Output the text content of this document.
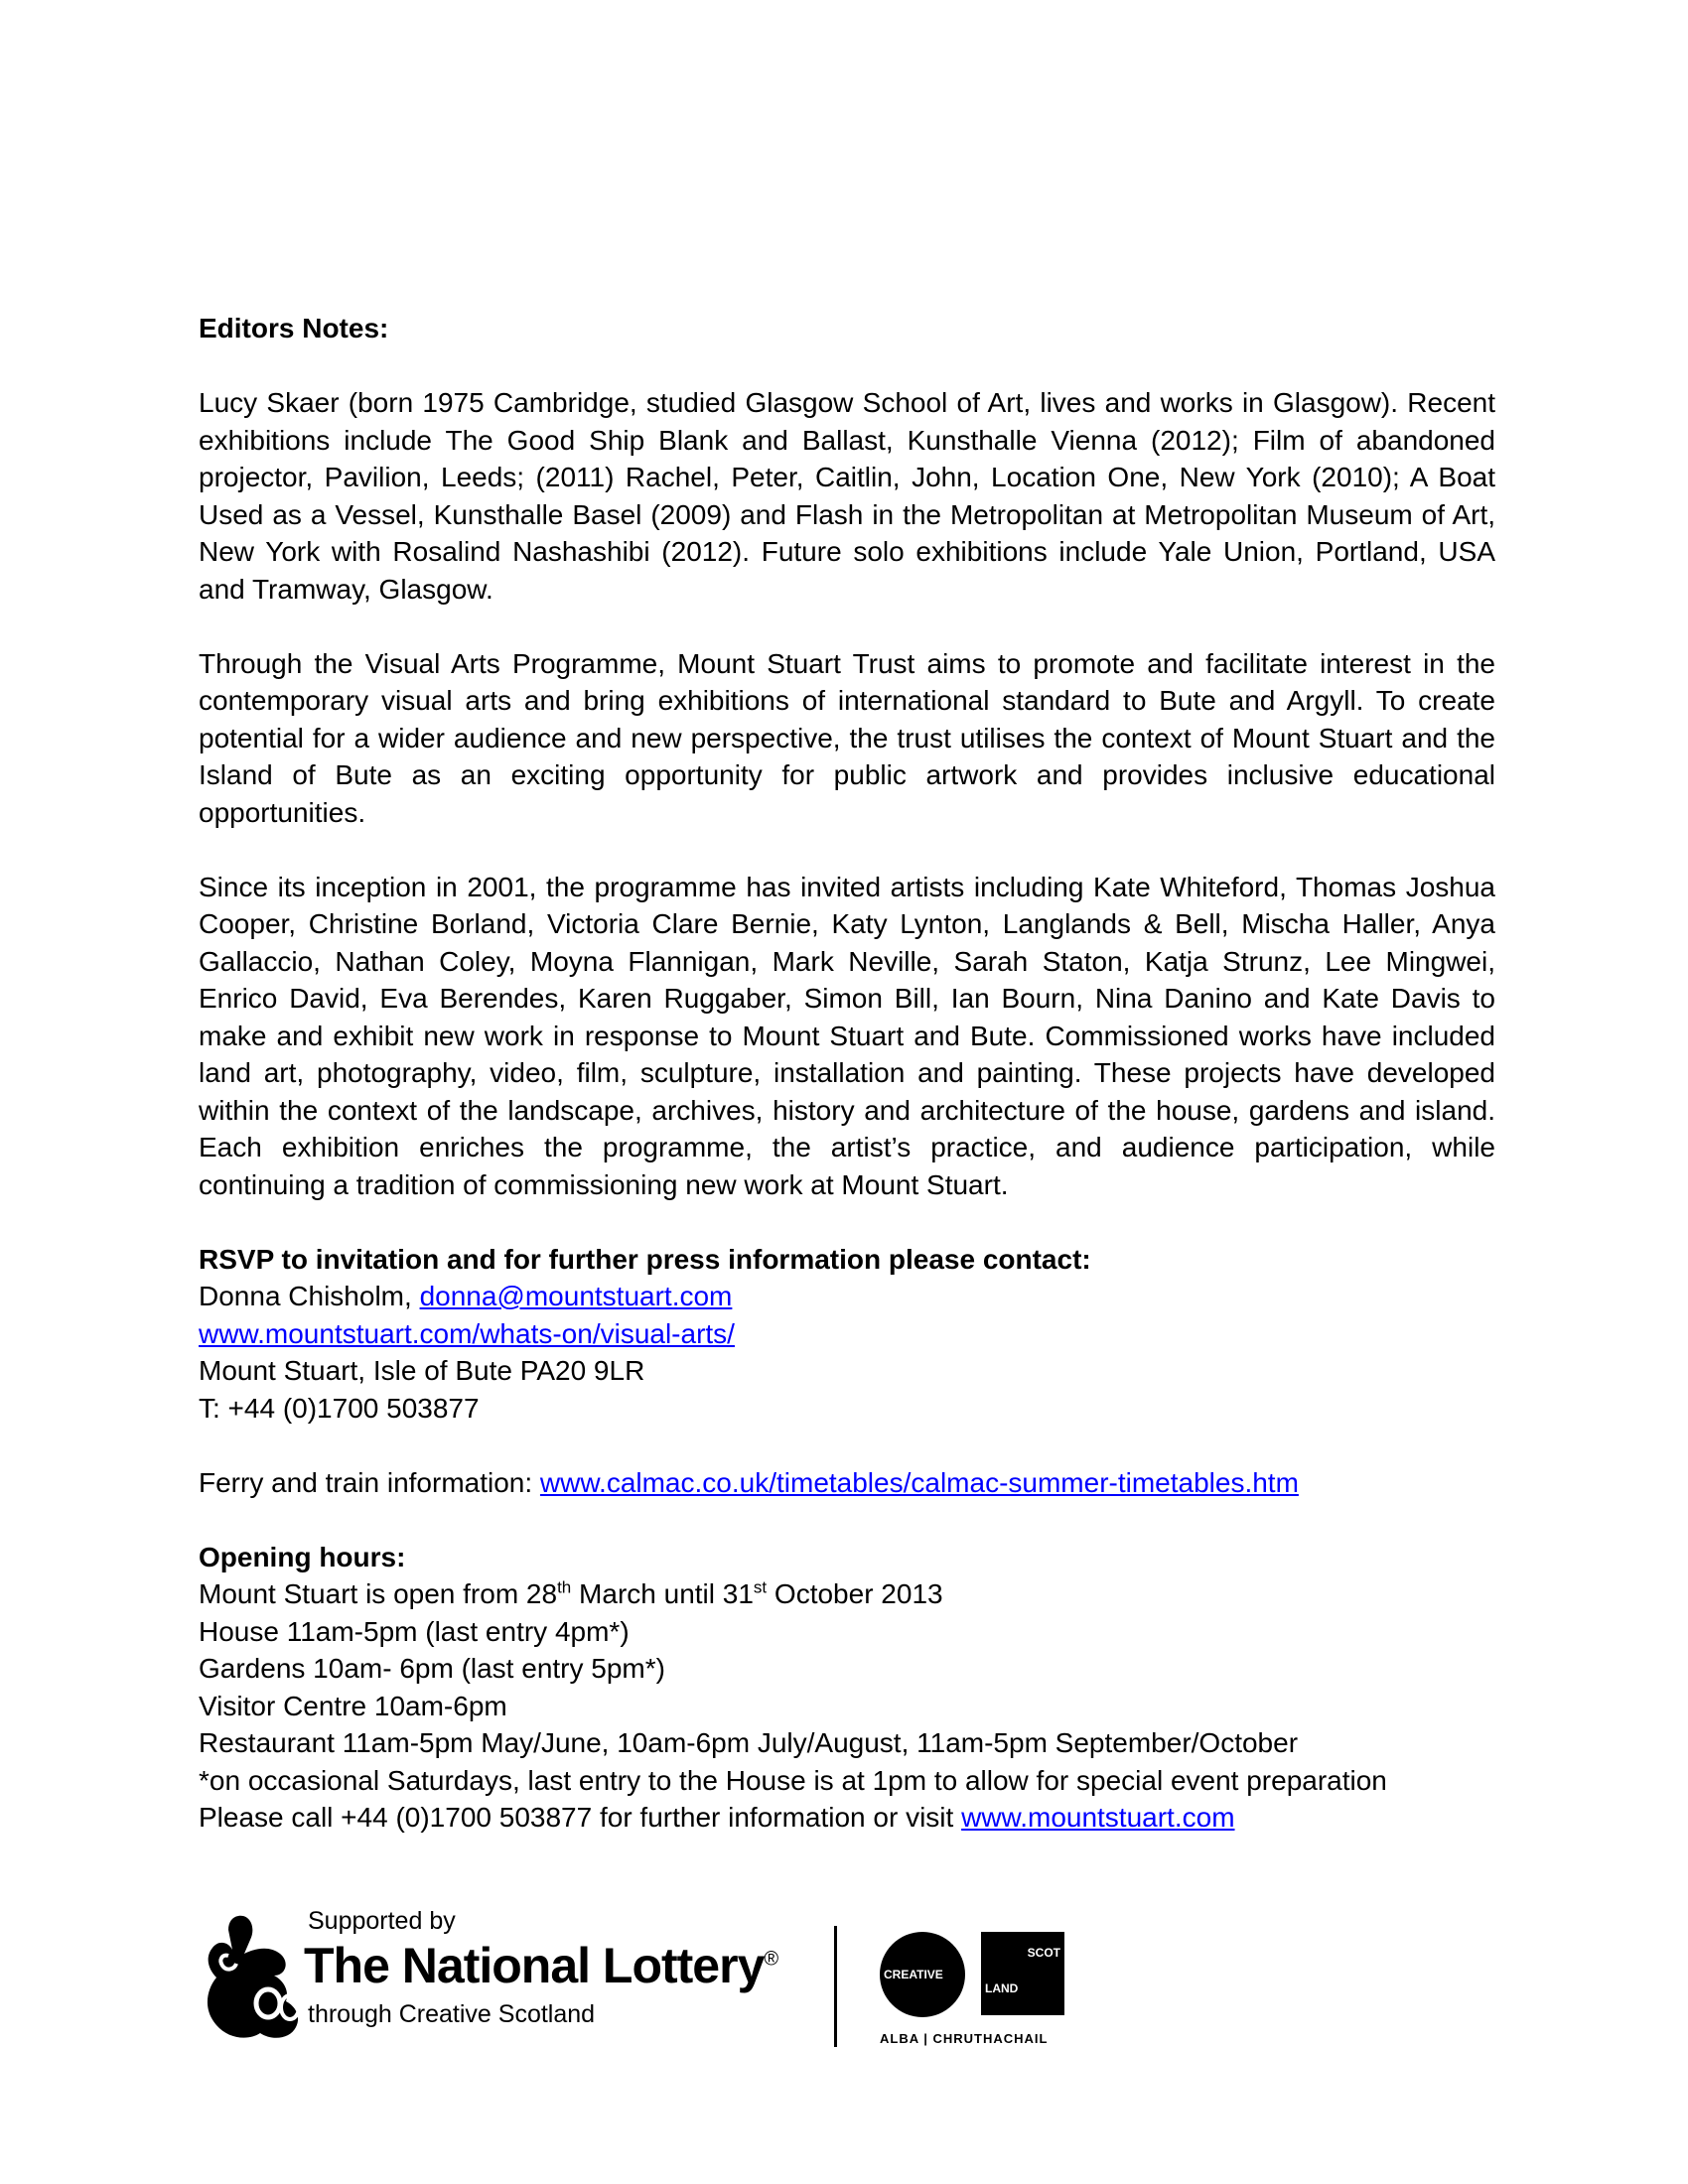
Editors Notes:

Lucy Skaer (born 1975 Cambridge, studied Glasgow School of Art, lives and works in Glasgow). Recent exhibitions include The Good Ship Blank and Ballast, Kunsthalle Vienna (2012); Film of abandoned projector, Pavilion, Leeds; (2011) Rachel, Peter, Caitlin, John, Location One, New York (2010); A Boat Used as a Vessel, Kunsthalle Basel (2009) and Flash in the Metropolitan at Metropolitan Museum of Art, New York with Rosalind Nashashibi (2012). Future solo exhibitions include Yale Union, Portland, USA and Tramway, Glasgow.

Through the Visual Arts Programme, Mount Stuart Trust aims to promote and facilitate interest in the contemporary visual arts and bring exhibitions of international standard to Bute and Argyll. To create potential for a wider audience and new perspective, the trust utilises the context of Mount Stuart and the Island of Bute as an exciting opportunity for public artwork and provides inclusive educational opportunities.

Since its inception in 2001, the programme has invited artists including Kate Whiteford, Thomas Joshua Cooper, Christine Borland, Victoria Clare Bernie, Katy Lynton, Langlands & Bell, Mischa Haller, Anya Gallaccio, Nathan Coley, Moyna Flannigan, Mark Neville, Sarah Staton, Katja Strunz, Lee Mingwei, Enrico David, Eva Berendes, Karen Ruggaber, Simon Bill, Ian Bourn, Nina Danino and Kate Davis to make and exhibit new work in response to Mount Stuart and Bute. Commissioned works have included land art, photography, video, film, sculpture, installation and painting. These projects have developed within the context of the landscape, archives, history and architecture of the house, gardens and island. Each exhibition enriches the programme, the artist’s practice, and audience participation, while continuing a tradition of commissioning new work at Mount Stuart.

RSVP to invitation and for further press information please contact:

Donna Chisholm, donna@mountstuart.com
www.mountstuart.com/whats-on/visual-arts/
Mount Stuart, Isle of Bute PA20 9LR
T: +44 (0)1700 503877
Ferry and train information: www.calmac.co.uk/timetables/calmac-summer-timetables.htm

Opening hours:

Mount Stuart is open from 28th March until 31st October 2013
House 11am-5pm (last entry 4pm*)
Gardens 10am- 6pm (last entry 5pm*)
Visitor Centre 10am-6pm
Restaurant 11am-5pm May/June, 10am-6pm July/August, 11am-5pm September/October
*on occasional Saturdays, last entry to the House is at 1pm to allow for special event preparation
Please call +44 (0)1700 503877 for further information or visit www.mountstuart.com
Supported by
The National Lottery®
through Creative Scotland
CREATIVE
SCOT
LAND
ALBA | CHRUTHACHAIL
